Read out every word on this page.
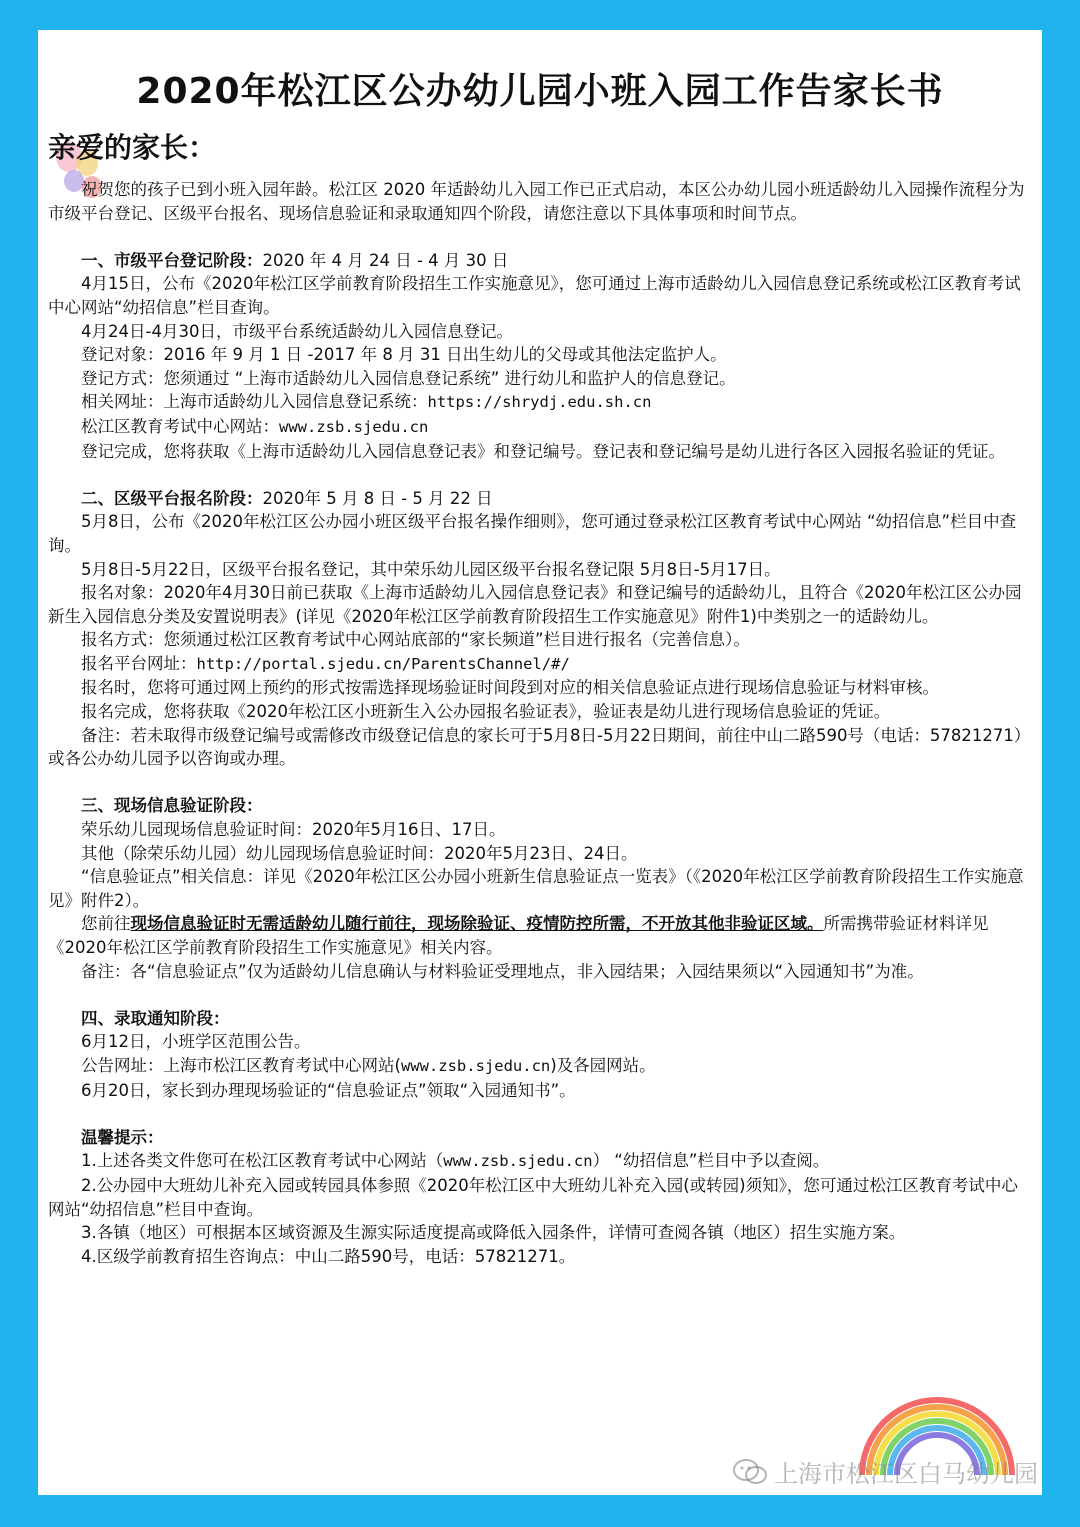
2020年松江区公办幼儿园小班入园工作告家长书
亲爱的家长：

祝贺您的孩子已到小班入园年龄。松江区 2020 年适龄幼儿入园工作已正式启动，本区公办幼儿园小班适龄幼儿入园操作流程分为市级平台登记、区级平台报名、现场信息验证和录取通知四个阶段，请您注意以下具体事项和时间节点。

一、市级平台登记阶段：2020 年 4 月 24 日 - 4 月 30 日

4月15日，公布《2020年松江区学前教育阶段招生工作实施意见》，您可通过上海市适龄幼儿入园信息登记系统或松江区教育考试中心网站“幼招信息”栏目查询。

4月24日-4月30日，市级平台系统适龄幼儿入园信息登记。

登记对象：2016 年 9 月 1 日 -2017 年 8 月 31 日出生幼儿的父母或其他法定监护人。

登记方式：您须通过 “上海市适龄幼儿入园信息登记系统” 进行幼儿和监护人的信息登记。

相关网址：上海市适龄幼儿入园信息登记系统：https://shrydj.edu.sh.cn

松江区教育考试中心网站：www.zsb.sjedu.cn

登记完成，您将获取《上海市适龄幼儿入园信息登记表》和登记编号。登记表和登记编号是幼儿进行各区入园报名验证的凭证。

二、区级平台报名阶段：2020年 5 月 8 日 - 5 月 22 日

5月8日，公布《2020年松江区公办园小班区级平台报名操作细则》，您可通过登录松江区教育考试中心网站 “幼招信息”栏目中查询。

5月8日-5月22日，区级平台报名登记，其中荣乐幼儿园区级平台报名登记限 5月8日-5月17日。

报名对象：2020年4月30日前已获取《上海市适龄幼儿入园信息登记表》和登记编号的适龄幼儿，且符合《2020年松江区公办园新生入园信息分类及安置说明表》(详见《2020年松江区学前教育阶段招生工作实施意见》附件1)中类别之一的适龄幼儿。

报名方式：您须通过松江区教育考试中心网站底部的“家长频道”栏目进行报名（完善信息）。

报名平台网址：http://portal.sjedu.cn/ParentsChannel/#/

报名时，您将可通过网上预约的形式按需选择现场验证时间段到对应的相关信息验证点进行现场信息验证与材料审核。

报名完成，您将获取《2020年松江区小班新生入公办园报名验证表》，验证表是幼儿进行现场信息验证的凭证。

备注：若未取得市级登记编号或需修改市级登记信息的家长可于5月8日-5月22日期间，前往中山二路590号（电话：57821271）或各公办幼儿园予以咨询或办理。

三、现场信息验证阶段：

荣乐幼儿园现场信息验证时间：2020年5月16日、17日。

其他（除荣乐幼儿园）幼儿园现场信息验证时间：2020年5月23日、24日。

“信息验证点”相关信息：详见《2020年松江区公办园小班新生信息验证点一览表》（《2020年松江区学前教育阶段招生工作实施意见》附件2）。

您前往现场信息验证时无需适龄幼儿随行前往，现场除验证、疫情防控所需，不开放其他非验证区域。所需携带验证材料详见《2020年松江区学前教育阶段招生工作实施意见》相关内容。

备注：各“信息验证点”仅为适龄幼儿信息确认与材料验证受理地点，非入园结果；入园结果须以“入园通知书”为准。

四、录取通知阶段：

6月12日，小班学区范围公告。

公告网址：上海市松江区教育考试中心网站(www.zsb.sjedu.cn)及各园网站。

6月20日，家长到办理现场验证的“信息验证点”领取“入园通知书”。

温馨提示：

1.上述各类文件您可在松江区教育考试中心网站（www.zsb.sjedu.cn） “幼招信息”栏目中予以查阅。

2.公办园中大班幼儿补充入园或转园具体参照《2020年松江区中大班幼儿补充入园(或转园)须知》，您可通过松江区教育考试中心网站“幼招信息”栏目中查询。

3.各镇（地区）可根据本区域资源及生源实际适度提高或降低入园条件，详情可查阅各镇（地区）招生实施方案。

4.区级学前教育招生咨询点：中山二路590号，电话：57821271。

上海市松江区白马幼儿园
